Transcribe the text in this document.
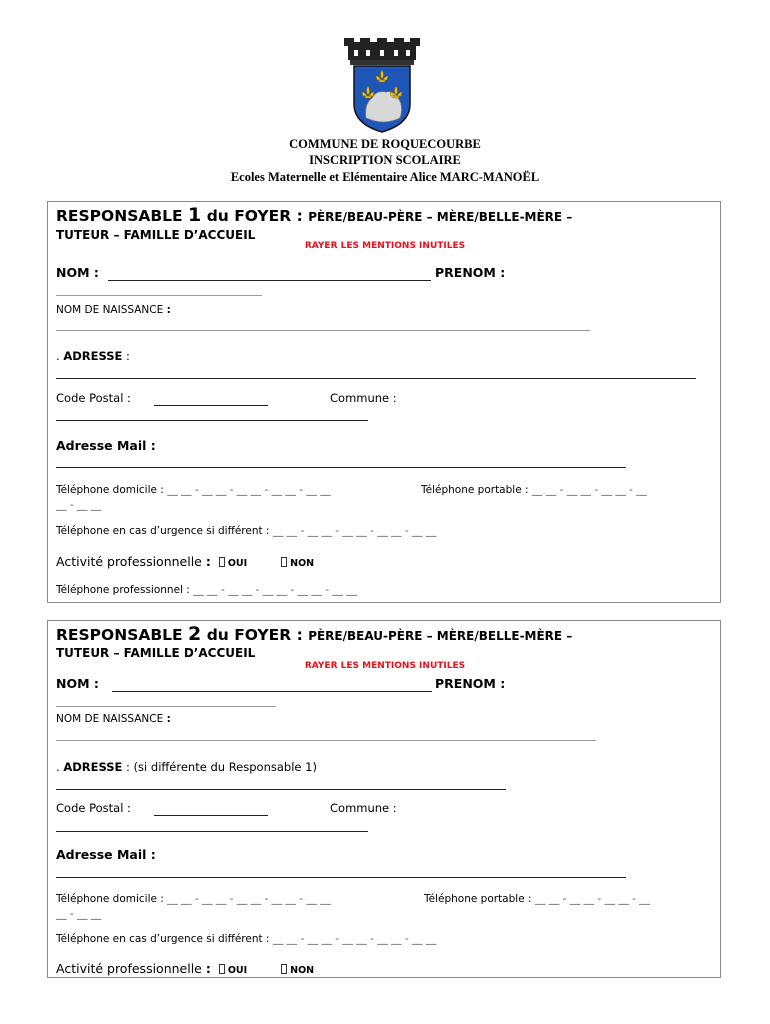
COMMUNE DE ROQUECOURBE
INSCRIPTION SCOLAIRE
Ecoles Maternelle et Elémentaire Alice MARC-MANOËL
RESPONSABLE 1 du FOYER : PÈRE/BEAU-PÈRE – MÈRE/BELLE-MÈRE –
TUTEUR – FAMILLE D’ACCUEIL
RAYER LES MENTIONS INUTILES
NOM :	PRENOM :
NOM DE NAISSANCE :
. ADRESSE :
Code Postal :	Commune :
Adresse Mail :
Téléphone domicile : __ __ - __ __ - __ __ - __ __ - __ __	Téléphone portable : __ __ - __ __ - __ __ - __
__ - __ __
Téléphone en cas d’urgence si différent : __ __ - __ __ - __ __ - __ __ - __ __
Activité professionnelle : OUI	NON
Téléphone professionnel : __ __ - __ __ - __ __ - __ __ - __ __
RESPONSABLE 2 du FOYER : PÈRE/BEAU-PÈRE – MÈRE/BELLE-MÈRE –
TUTEUR – FAMILLE D’ACCUEIL
RAYER LES MENTIONS INUTILES
NOM :	PRENOM :
NOM DE NAISSANCE :
. ADRESSE : (si différente du Responsable 1)
Code Postal :	Commune :
Adresse Mail :
Téléphone domicile : __ __ - __ __ - __ __ - __ __ - __ __	Téléphone portable : __ __ - __ __ - __ __ - __
__ - __ __
Téléphone en cas d’urgence si différent : __ __ - __ __ - __ __ - __ __ - __ __
Activité professionnelle : OUI	NON
